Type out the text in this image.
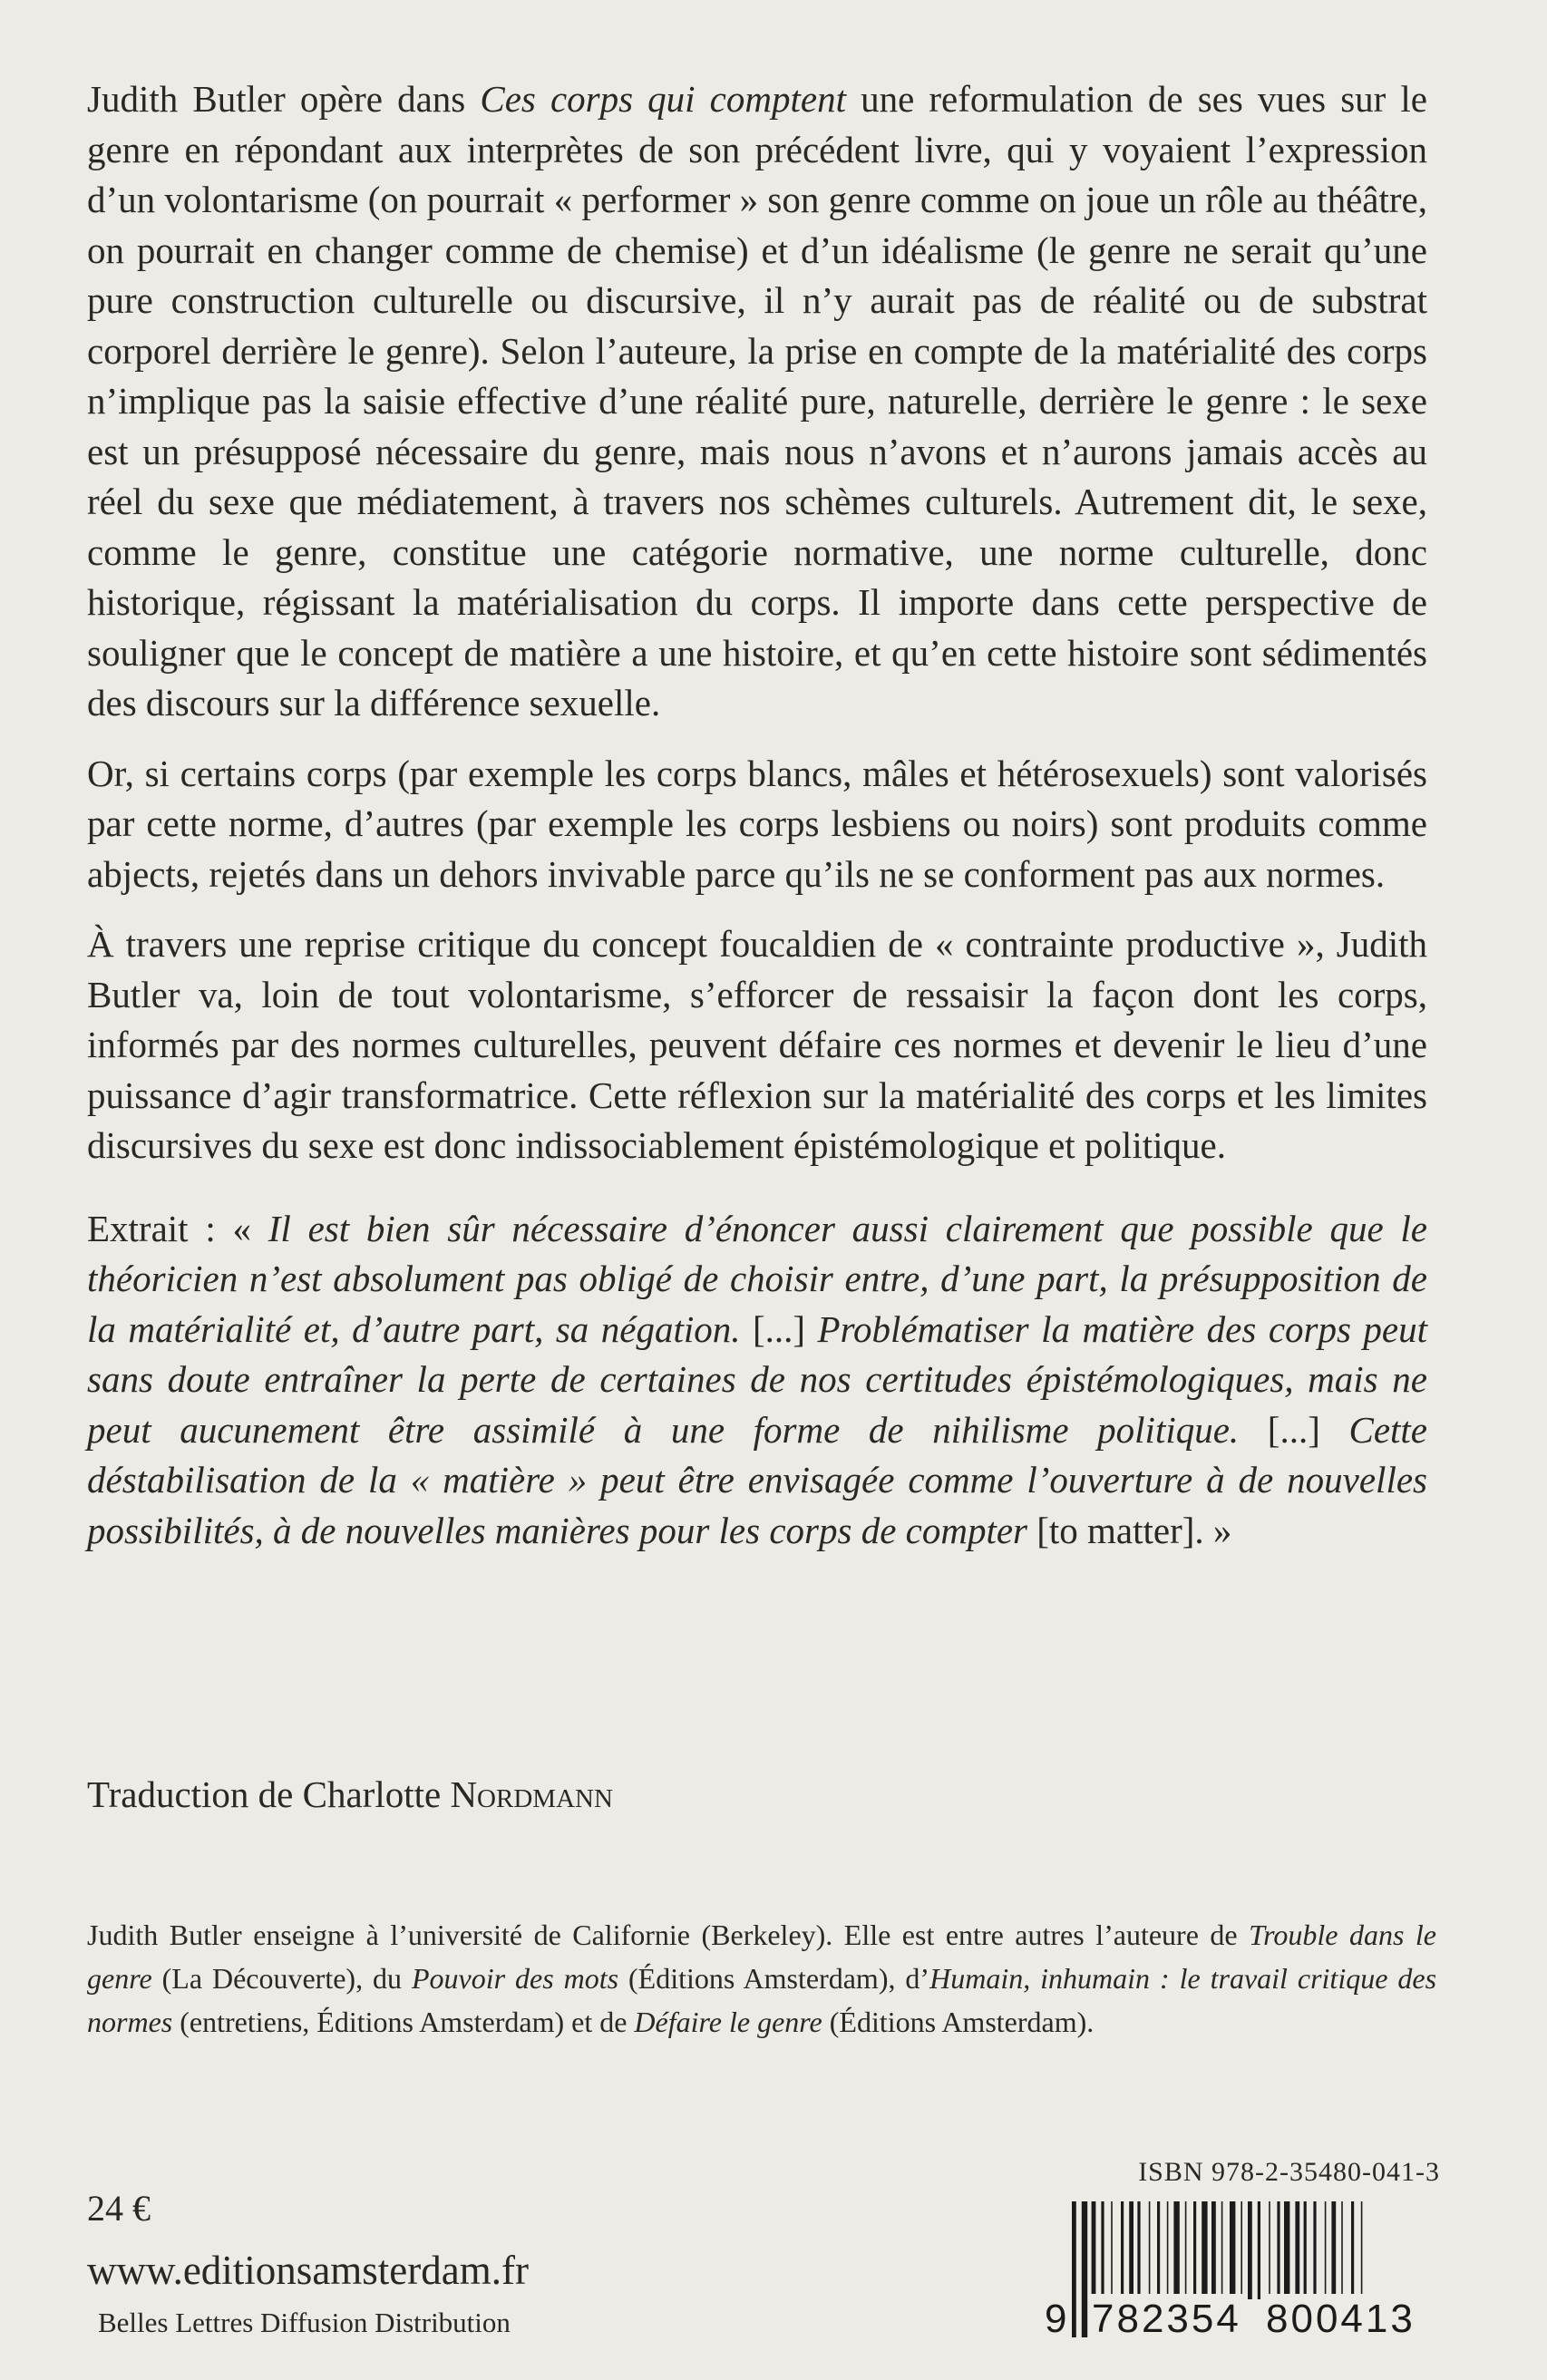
Judith Butler opère dans Ces corps qui comptent une reformulation de ses vues sur le genre en répondant aux interprètes de son précédent livre, qui y voyaient l’expression d’un volontarisme (on pourrait « performer » son genre comme on joue un rôle au théâtre, on pourrait en changer comme de chemise) et d’un idéalisme (le genre ne serait qu’une pure construction culturelle ou discursive, il n’y aurait pas de réalité ou de substrat corporel derrière le genre). Selon l’auteure, la prise en compte de la matérialité des corps n’implique pas la saisie effective d’une réalité pure, naturelle, derrière le genre : le sexe est un présupposé nécessaire du genre, mais nous n’avons et n’aurons jamais accès au réel du sexe que médiatement, à travers nos schèmes culturels. Autrement dit, le sexe, comme le genre, constitue une catégorie normative, une norme culturelle, donc historique, régissant la matérialisation du corps. Il importe dans cette perspective de souligner que le concept de matière a une histoire, et qu’en cette histoire sont sédimentés des discours sur la différence sexuelle.

Or, si certains corps (par exemple les corps blancs, mâles et hétérosexuels) sont valorisés par cette norme, d’autres (par exemple les corps lesbiens ou noirs) sont produits comme abjects, rejetés dans un dehors invivable parce qu’ils ne se conforment pas aux normes.

À travers une reprise critique du concept foucaldien de « contrainte productive », Judith Butler va, loin de tout volontarisme, s’efforcer de ressaisir la façon dont les corps, informés par des normes culturelles, peuvent défaire ces normes et devenir le lieu d’une puissance d’agir transformatrice. Cette réflexion sur la matérialité des corps et les limites discursives du sexe est donc indissociablement épistémologique et politique.

Extrait : « Il est bien sûr nécessaire d’énoncer aussi clairement que possible que le théoricien n’est absolument pas obligé de choisir entre, d’une part, la présupposition de la matérialité et, d’autre part, sa négation. [...] Problématiser la matière des corps peut sans doute entraîner la perte de certaines de nos certitudes épistémologiques, mais ne peut aucunement être assimilé à une forme de nihilisme politique. [...] Cette déstabilisation de la « matière » peut être envisagée comme l’ouverture à de nouvelles possibilités, à de nouvelles manières pour les corps de compter [to matter]. »

Traduction de Charlotte Nordmann

Judith Butler enseigne à l’université de Californie (Berkeley). Elle est entre autres l’auteure de Trouble dans le genre (La Découverte), du Pouvoir des mots (Éditions Amsterdam), d’Humain, inhumain : le travail critique des normes (entretiens, Éditions Amsterdam) et de Défaire le genre (Éditions Amsterdam).

24 €
www.editionsamsterdam.fr
Belles Lettres Diffusion Distribution
ISBN 978-2-35480-041-3
9 782354 800413
